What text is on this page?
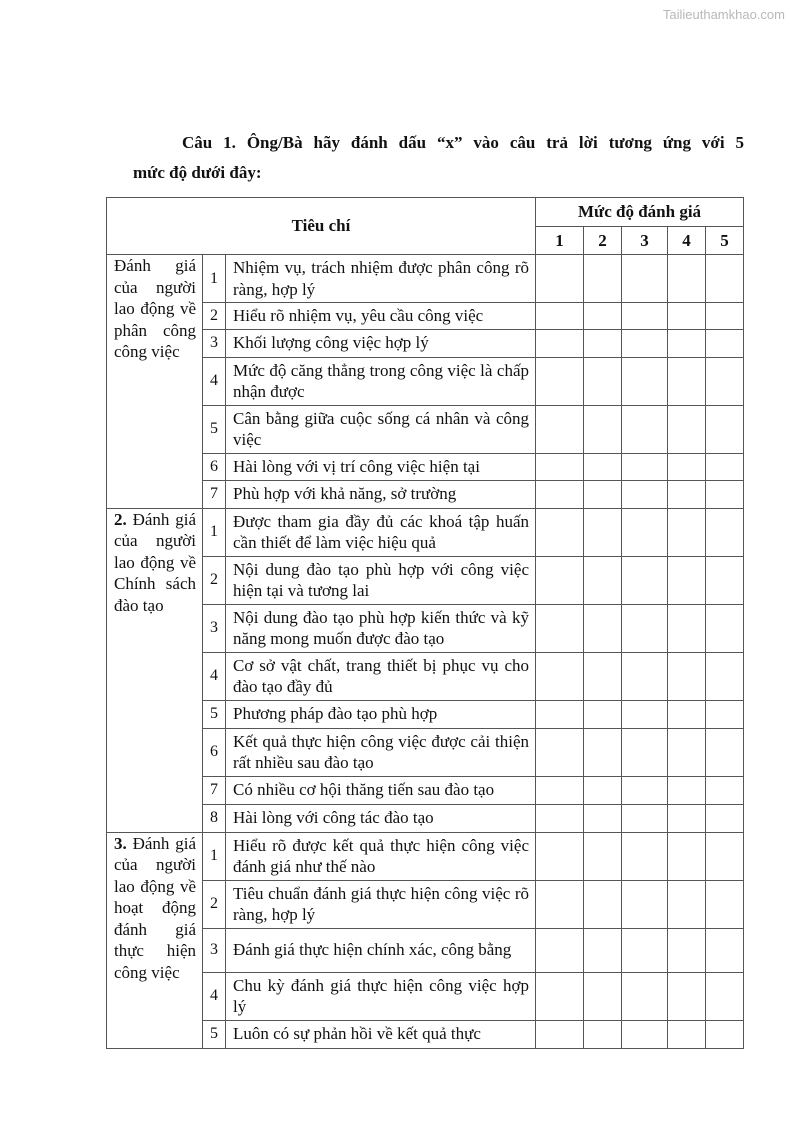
Tailieuthamkhao.com
Câu 1. Ông/Bà hãy đánh dấu “x” vào câu trả lời tương ứng với 5
mức độ dưới đây:
Tiêu chí			Mức độ đánh giá				
			1	2	3	4	5

Đánh giá của người lao động về phân công công việc	1	Nhiệm vụ, trách nhiệm được phân công rõ ràng, hợp lý					
	2	Hiểu rõ nhiệm vụ, yêu cầu công việc					
	3	Khối lượng công việc hợp lý					
	4	Mức độ căng thẳng trong công việc là chấp nhận được					
	5	Cân bằng giữa cuộc sống cá nhân và công việc					
	6	Hài lòng với vị trí công việc hiện tại					
	7	Phù hợp với khả năng, sở trường					

2. Đánh giá của người lao động về Chính sách đào tạo	1	Được tham gia đầy đủ các khoá tập huấn cần thiết để làm việc hiệu quả					
	2	Nội dung đào tạo phù hợp với công việc hiện tại và tương lai					
	3	Nội dung đào tạo phù hợp kiến thức và kỹ năng mong muốn được đào tạo					
	4	Cơ sở vật chất, trang thiết bị phục vụ cho đào tạo đầy đủ					
	5	Phương pháp đào tạo phù hợp					
	6	Kết quả thực hiện công việc được cải thiện rất nhiều sau đào tạo					
	7	Có nhiều cơ hội thăng tiến sau đào tạo					
	8	Hài lòng với công tác đào tạo					

3. Đánh giá của người lao động về hoạt động đánh giá thực hiện công việc	1	Hiểu rõ được kết quả thực hiện công việc đánh giá như thế nào					
	2	Tiêu chuẩn đánh giá thực hiện công việc rõ ràng, hợp lý					
	3	Đánh giá thực hiện chính xác, công bằng					
	4	Chu kỳ đánh giá thực hiện công việc hợp lý					
	5	Luôn có sự phản hồi về kết quả thực					
